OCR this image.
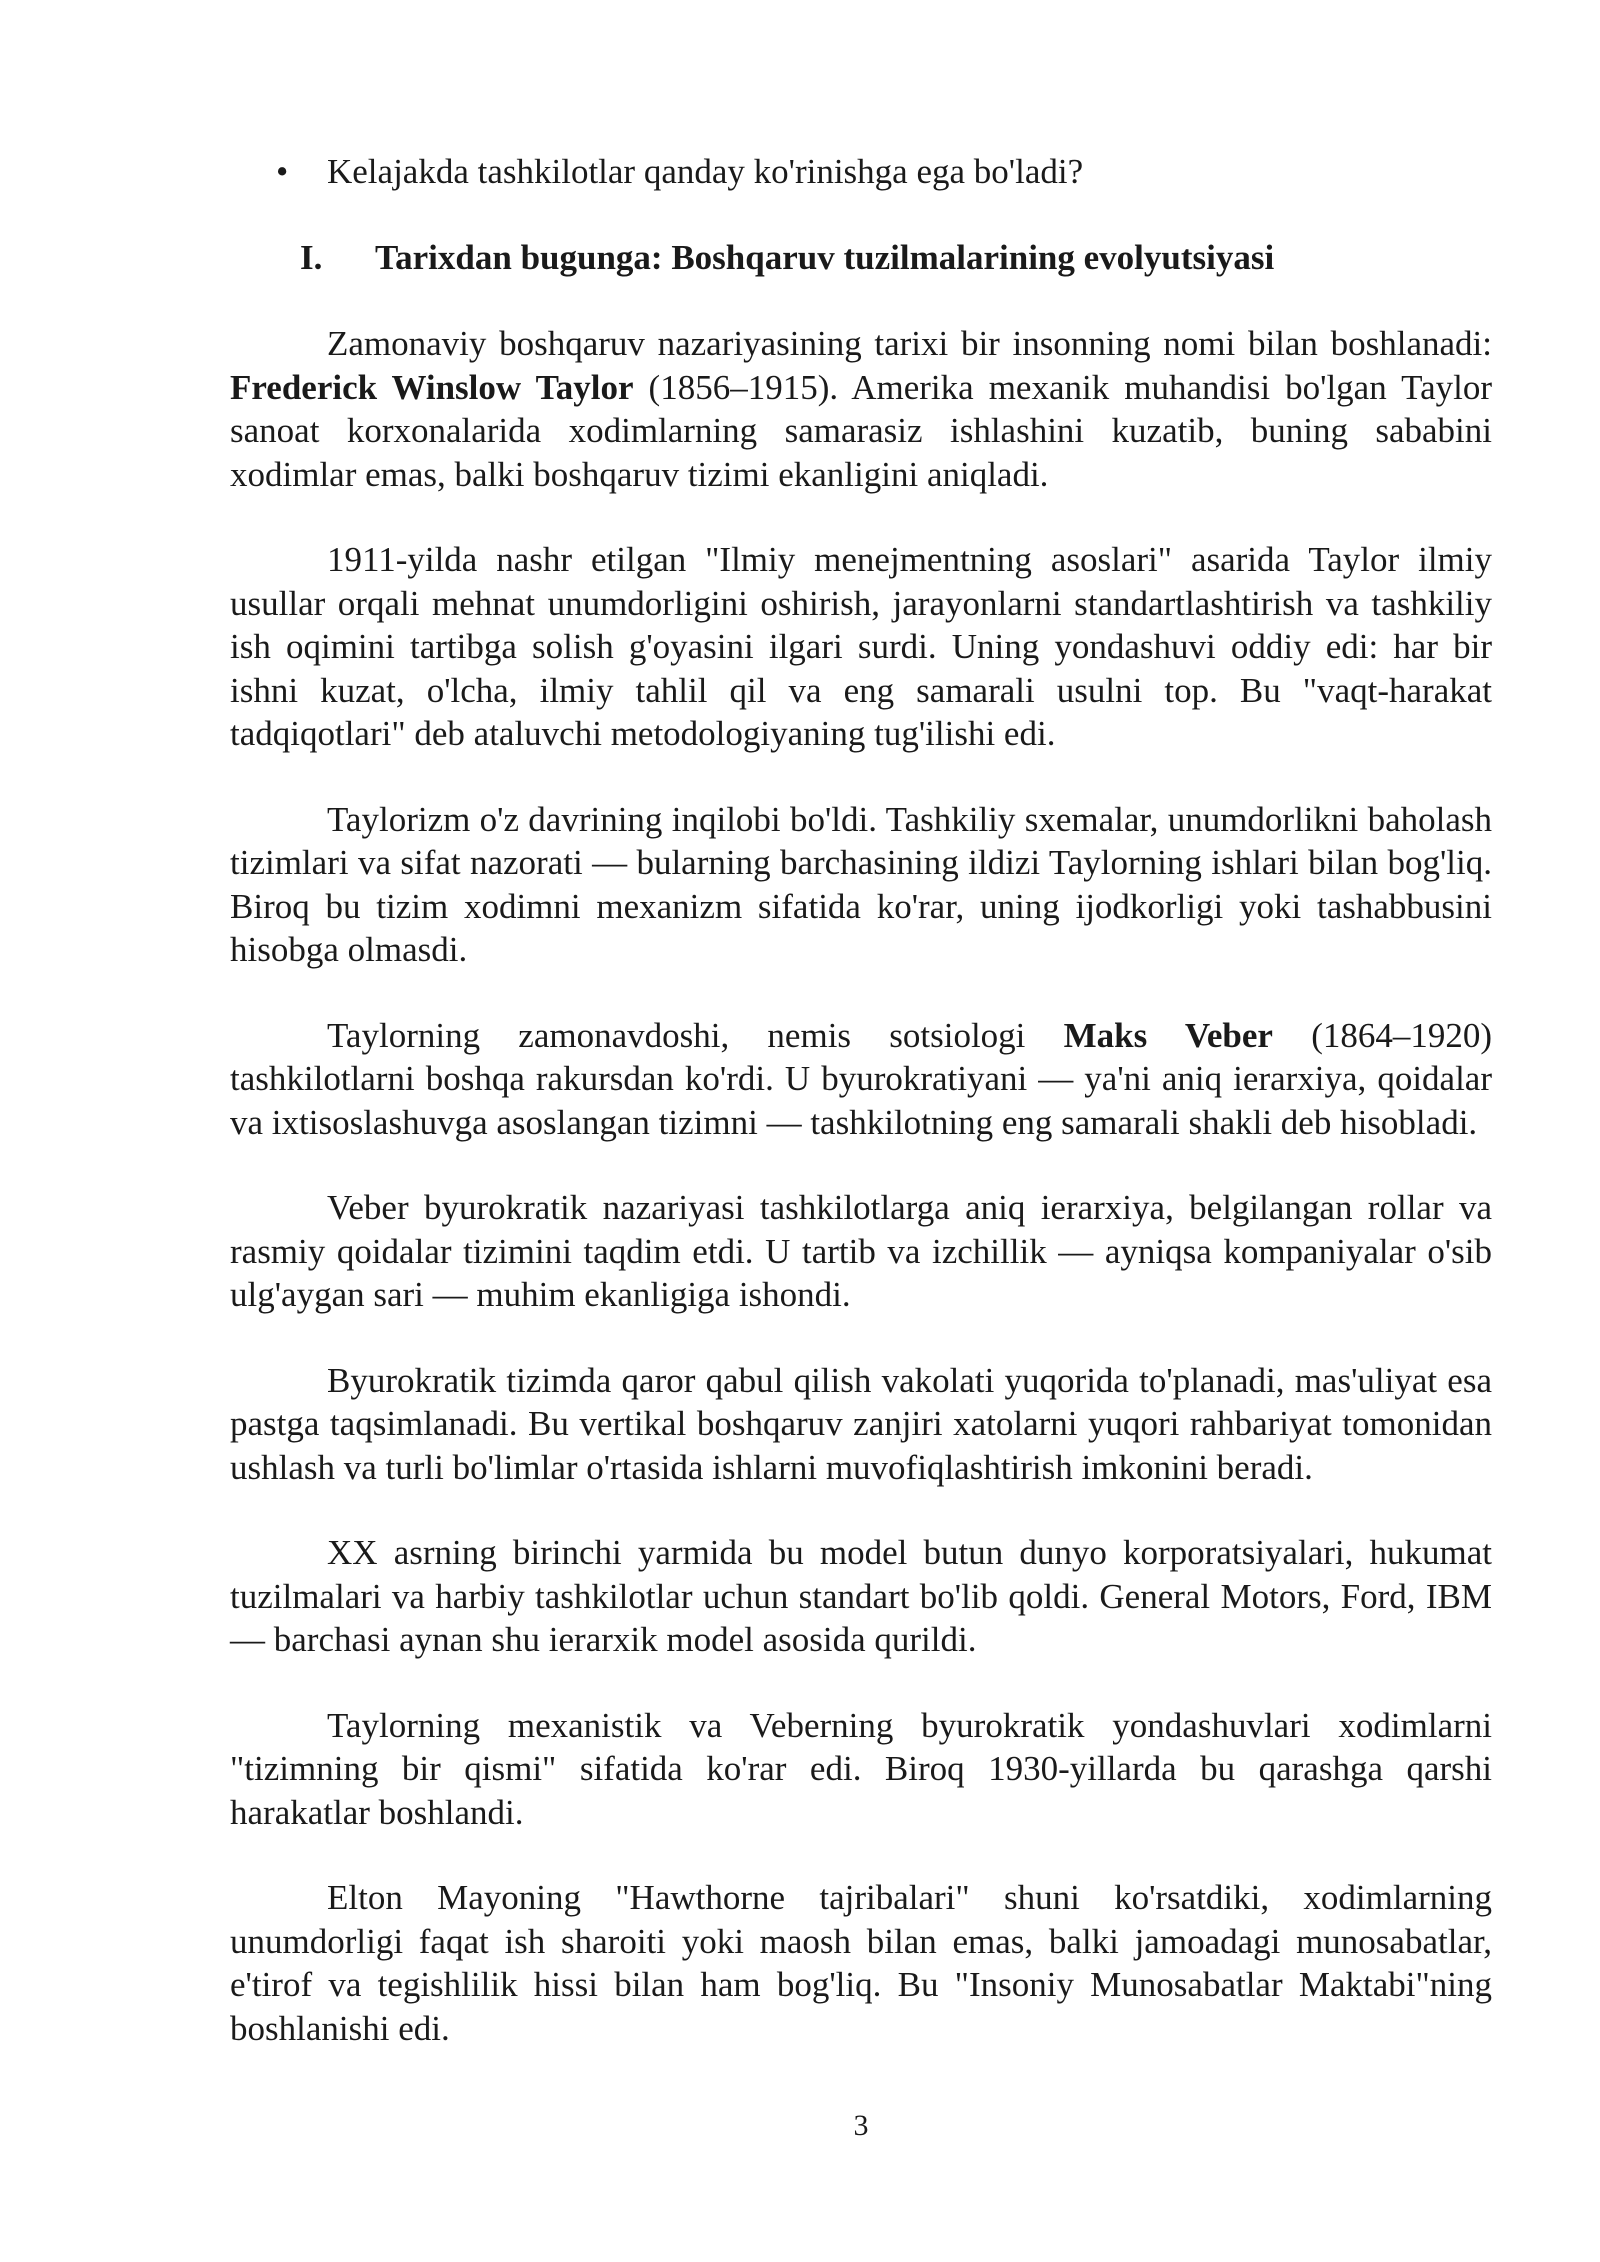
• Kelajakda tashkilotlar qanday ko'rinishga ega bo'ladi?
I. Tarixdan bugunga: Boshqaruv tuzilmalarining evolyutsiyasi

Zamonaviy boshqaruv nazariyasining tarixi bir insonning nomi bilan boshlanadi: Frederick Winslow Taylor (1856–1915). Amerika mexanik muhandisi bo'lgan Taylor sanoat korxonalarida xodimlarning samarasiz ishlashini kuzatib, buning sababini xodimlar emas, balki boshqaruv tizimi ekanligini aniqladi.

1911-yilda nashr etilgan "Ilmiy menejmentning asoslari" asarida Taylor ilmiy usullar orqali mehnat unumdorligini oshirish, jarayonlarni standartlashtirish va tashkiliy ish oqimini tartibga solish g'oyasini ilgari surdi. Uning yondashuvi oddiy edi: har bir ishni kuzat, o'lcha, ilmiy tahlil qil va eng samarali usulni top. Bu "vaqt-harakat tadqiqotlari" deb ataluvchi metodologiyaning tug'ilishi edi.

Taylorizm o'z davrining inqilobi bo'ldi. Tashkiliy sxemalar, unumdorlikni baholash tizimlari va sifat nazorati — bularning barchasining ildizi Taylorning ishlari bilan bog'liq. Biroq bu tizim xodimni mexanizm sifatida ko'rar, uning ijodkorligi yoki tashabbusini hisobga olmasdi.

Taylorning zamonavdoshi, nemis sotsiologi Maks Veber (1864–1920) tashkilotlarni boshqa rakursdan ko'rdi. U byurokratiyani — ya'ni aniq ierarxiya, qoidalar va ixtisoslashuvga asoslangan tizimni — tashkilotning eng samarali shakli deb hisobladi.

Veber byurokratik nazariyasi tashkilotlarga aniq ierarxiya, belgilangan rollar va rasmiy qoidalar tizimini taqdim etdi. U tartib va izchillik — ayniqsa kompaniyalar o'sib ulg'aygan sari — muhim ekanligiga ishondi.

Byurokratik tizimda qaror qabul qilish vakolati yuqorida to'planadi, mas'uliyat esa pastga taqsimlanadi. Bu vertikal boshqaruv zanjiri xatolarni yuqori rahbariyat tomonidan ushlash va turli bo'limlar o'rtasida ishlarni muvofiqlashtirish imkonini beradi.

XX asrning birinchi yarmida bu model butun dunyo korporatsiyalari, hukumat tuzilmalari va harbiy tashkilotlar uchun standart bo'lib qoldi. General Motors, Ford, IBM — barchasi aynan shu ierarxik model asosida qurildi.

Taylorning mexanistik va Veberning byurokratik yondashuvlari xodimlarni "tizimning bir qismi" sifatida ko'rar edi. Biroq 1930-yillarda bu qarashga qarshi harakatlar boshlandi.

Elton Mayoning "Hawthorne tajribalari" shuni ko'rsatdiki, xodimlarning unumdorligi faqat ish sharoiti yoki maosh bilan emas, balki jamoadagi munosabatlar, e'tirof va tegishlilik hissi bilan ham bog'liq. Bu "Insoniy Munosabatlar Maktabi"ning boshlanishi edi.

3
